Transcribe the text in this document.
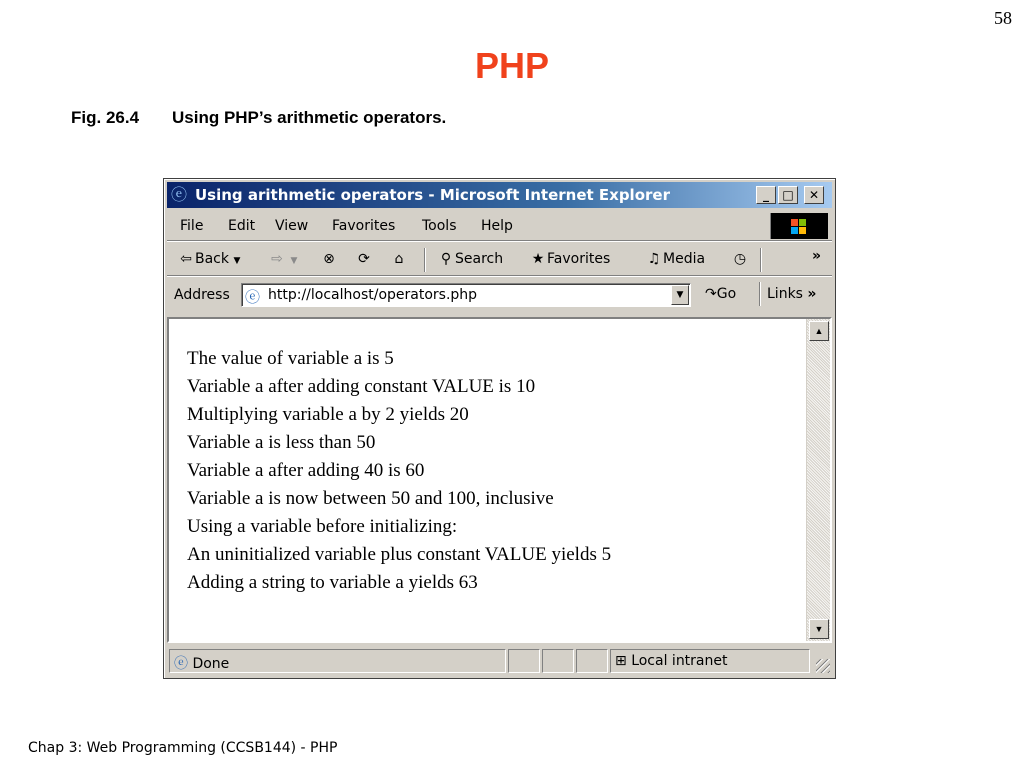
58
PHP
Fig. 26.4 Using PHP’s arithmetic operators.
ⓔ Using arithmetic operators - Microsoft Internet Explorer	_	□	✕
File Edit View Favorites Tools Help
⇦ Back ▼ ⇨ ▼ ⊗ ⟳	⌂	⚲ Search ★ Favorites	♫ Media ◷	»
Address ⓔ http://localhost/operators.php	▼	↷Go Links »
The value of variable a is 5
Variable a after adding constant VALUE is 10
Multiplying variable a by 2 yields 20
Variable a is less than 50
Variable a after adding 40 is 60
Variable a is now between 50 and 100, inclusive
Using a variable before initializing:
An uninitialized variable plus constant VALUE yields 5
Adding a string to variable a yields 63
▲
▼
ⓔ Done	⊞ Local intranet
Chap 3: Web Programming (CCSB144) - PHP
